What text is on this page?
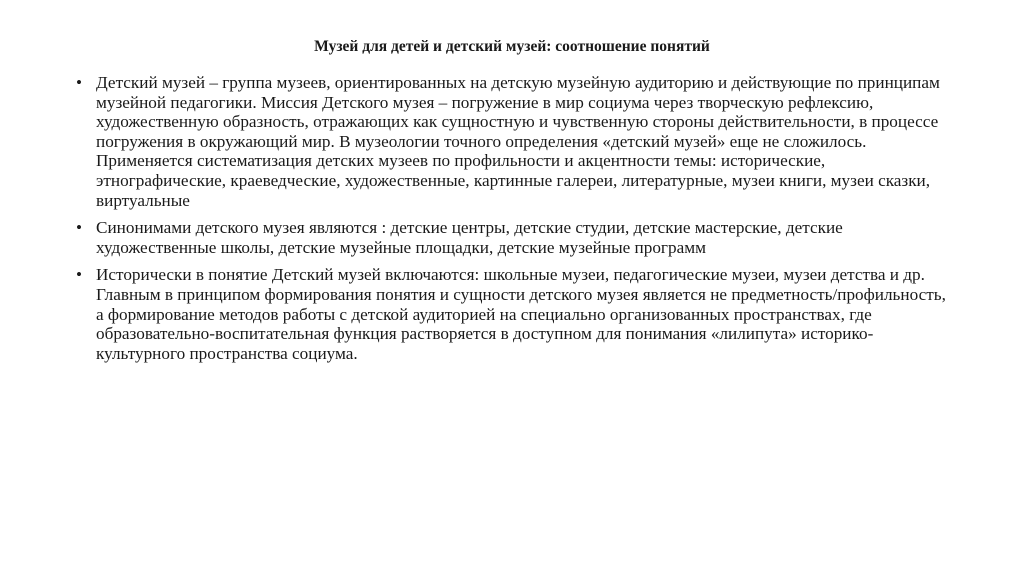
Музей для детей и детский музей: соотношение понятий
• Детский музей – группа музеев, ориентированных на детскую музейную аудиторию и действующие по принципам музейной педагогики. Миссия Детского музея – погружение в мир социума через творческую рефлексию, художественную образность, отражающих как сущностную и чувственную стороны действительности, в процессе погружения в окружающий мир. В музеологии точного определения «детский музей» еще не сложилось. Применяется систематизация детских музеев по профильности и акцентности темы: исторические, этнографические, краеведческие, художественные, картинные галереи, литературные, музеи книги, музеи сказки, виртуальные
• Синонимами детского музея являются : детские центры, детские студии, детские мастерские, детские художественные школы, детские музейные площадки, детские музейные программ
• Исторически в понятие Детский музей включаются: школьные музеи, педагогические музеи, музеи детства и др. Главным в принципом формирования понятия и сущности детского музея является не предметность/профильность, а формирование методов работы с детской аудиторией на специально организованных пространствах, где образовательно-воспитательная функция растворяется в доступном для понимания «лилипута» историко-культурного пространства социума.
